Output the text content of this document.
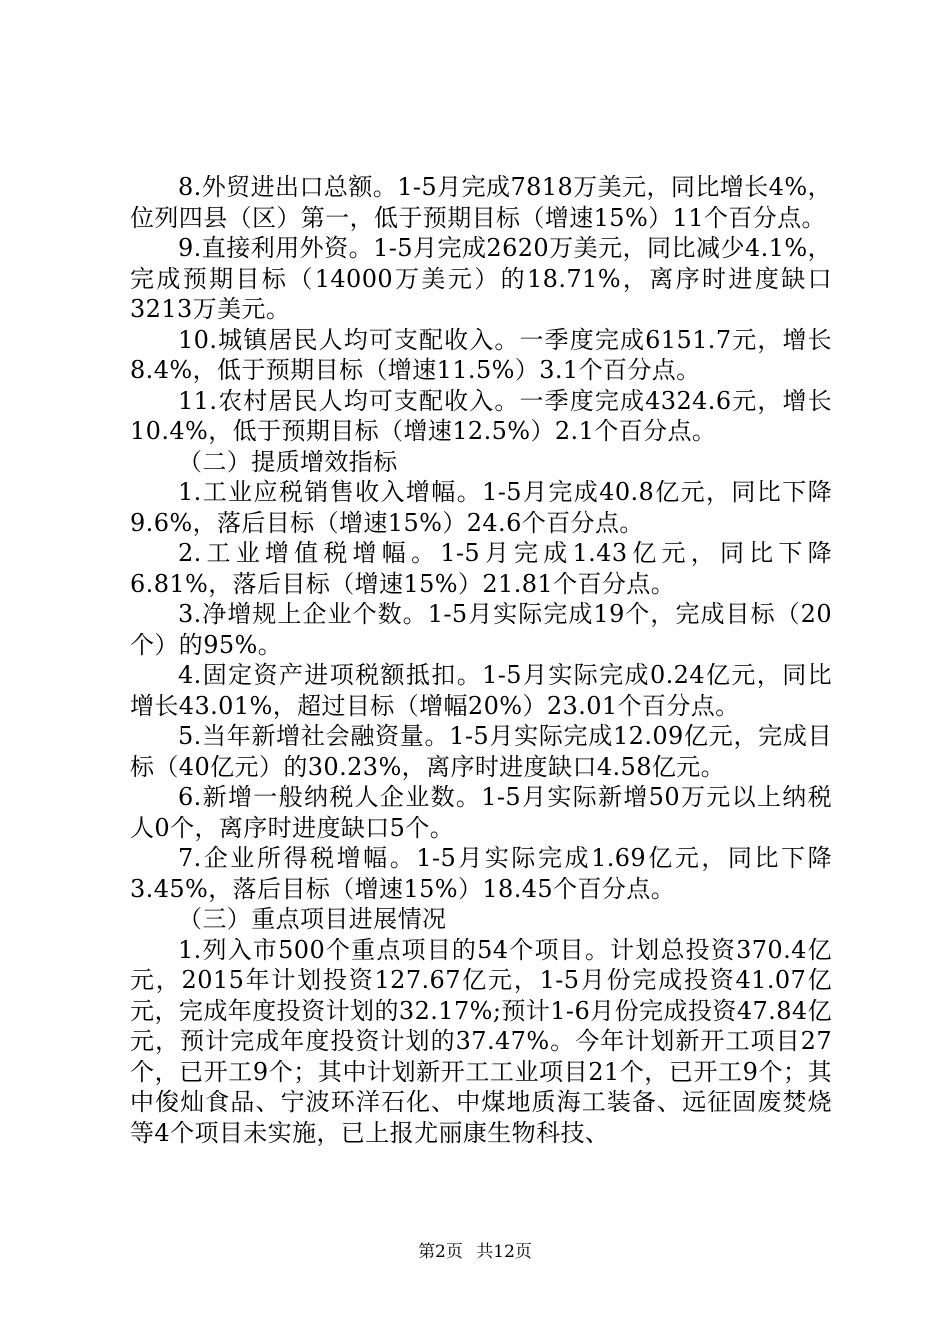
8.外贸进出口总额。1-5月完成7818万美元，同比增长4%，位列四县（区）第一，低于预期目标（增速15%）11个百分点。

9.直接利用外资。1-5月完成2620万美元，同比减少4.1%，完成预期目标（14000万美元）的18.71%，离序时进度缺口3213万美元。

10.城镇居民人均可支配收入。一季度完成6151.7元，增长8.4%，低于预期目标（增速11.5%）3.1个百分点。

11.农村居民人均可支配收入。一季度完成4324.6元，增长10.4%，低于预期目标（增速12.5%）2.1个百分点。

（二）提质增效指标

1.工业应税销售收入增幅。1-5月完成40.8亿元，同比下降9.6%，落后目标（增速15%）24.6个百分点。

2.工业增值税增幅。1-5月完成1.43亿元，同比下降6.81%，落后目标（增速15%）21.81个百分点。

3.净增规上企业个数。1-5月实际完成19个，完成目标（20个）的95%。

4.固定资产进项税额抵扣。1-5月实际完成0.24亿元，同比增长43.01%，超过目标（增幅20%）23.01个百分点。

5.当年新增社会融资量。1-5月实际完成12.09亿元，完成目标（40亿元）的30.23%，离序时进度缺口4.58亿元。

6.新增一般纳税人企业数。1-5月实际新增50万元以上纳税人0个，离序时进度缺口5个。

7.企业所得税增幅。1-5月实际完成1.69亿元，同比下降3.45%，落后目标（增速15%）18.45个百分点。

（三）重点项目进展情况

1.列入市500个重点项目的54个项目。计划总投资370.4亿元，2015年计划投资127.67亿元，1-5月份完成投资41.07亿元，完成年度投资计划的32.17%;预计1-6月份完成投资47.84亿元，预计完成年度投资计划的37.47%。今年计划新开工项目27个，已开工9个；其中计划新开工工业项目21个，已开工9个；其中俊灿食品、宁波环洋石化、中煤地质海工装备、远征固废焚烧等4个项目未实施，已上报尤丽康生物科技、

第2页 共12页
